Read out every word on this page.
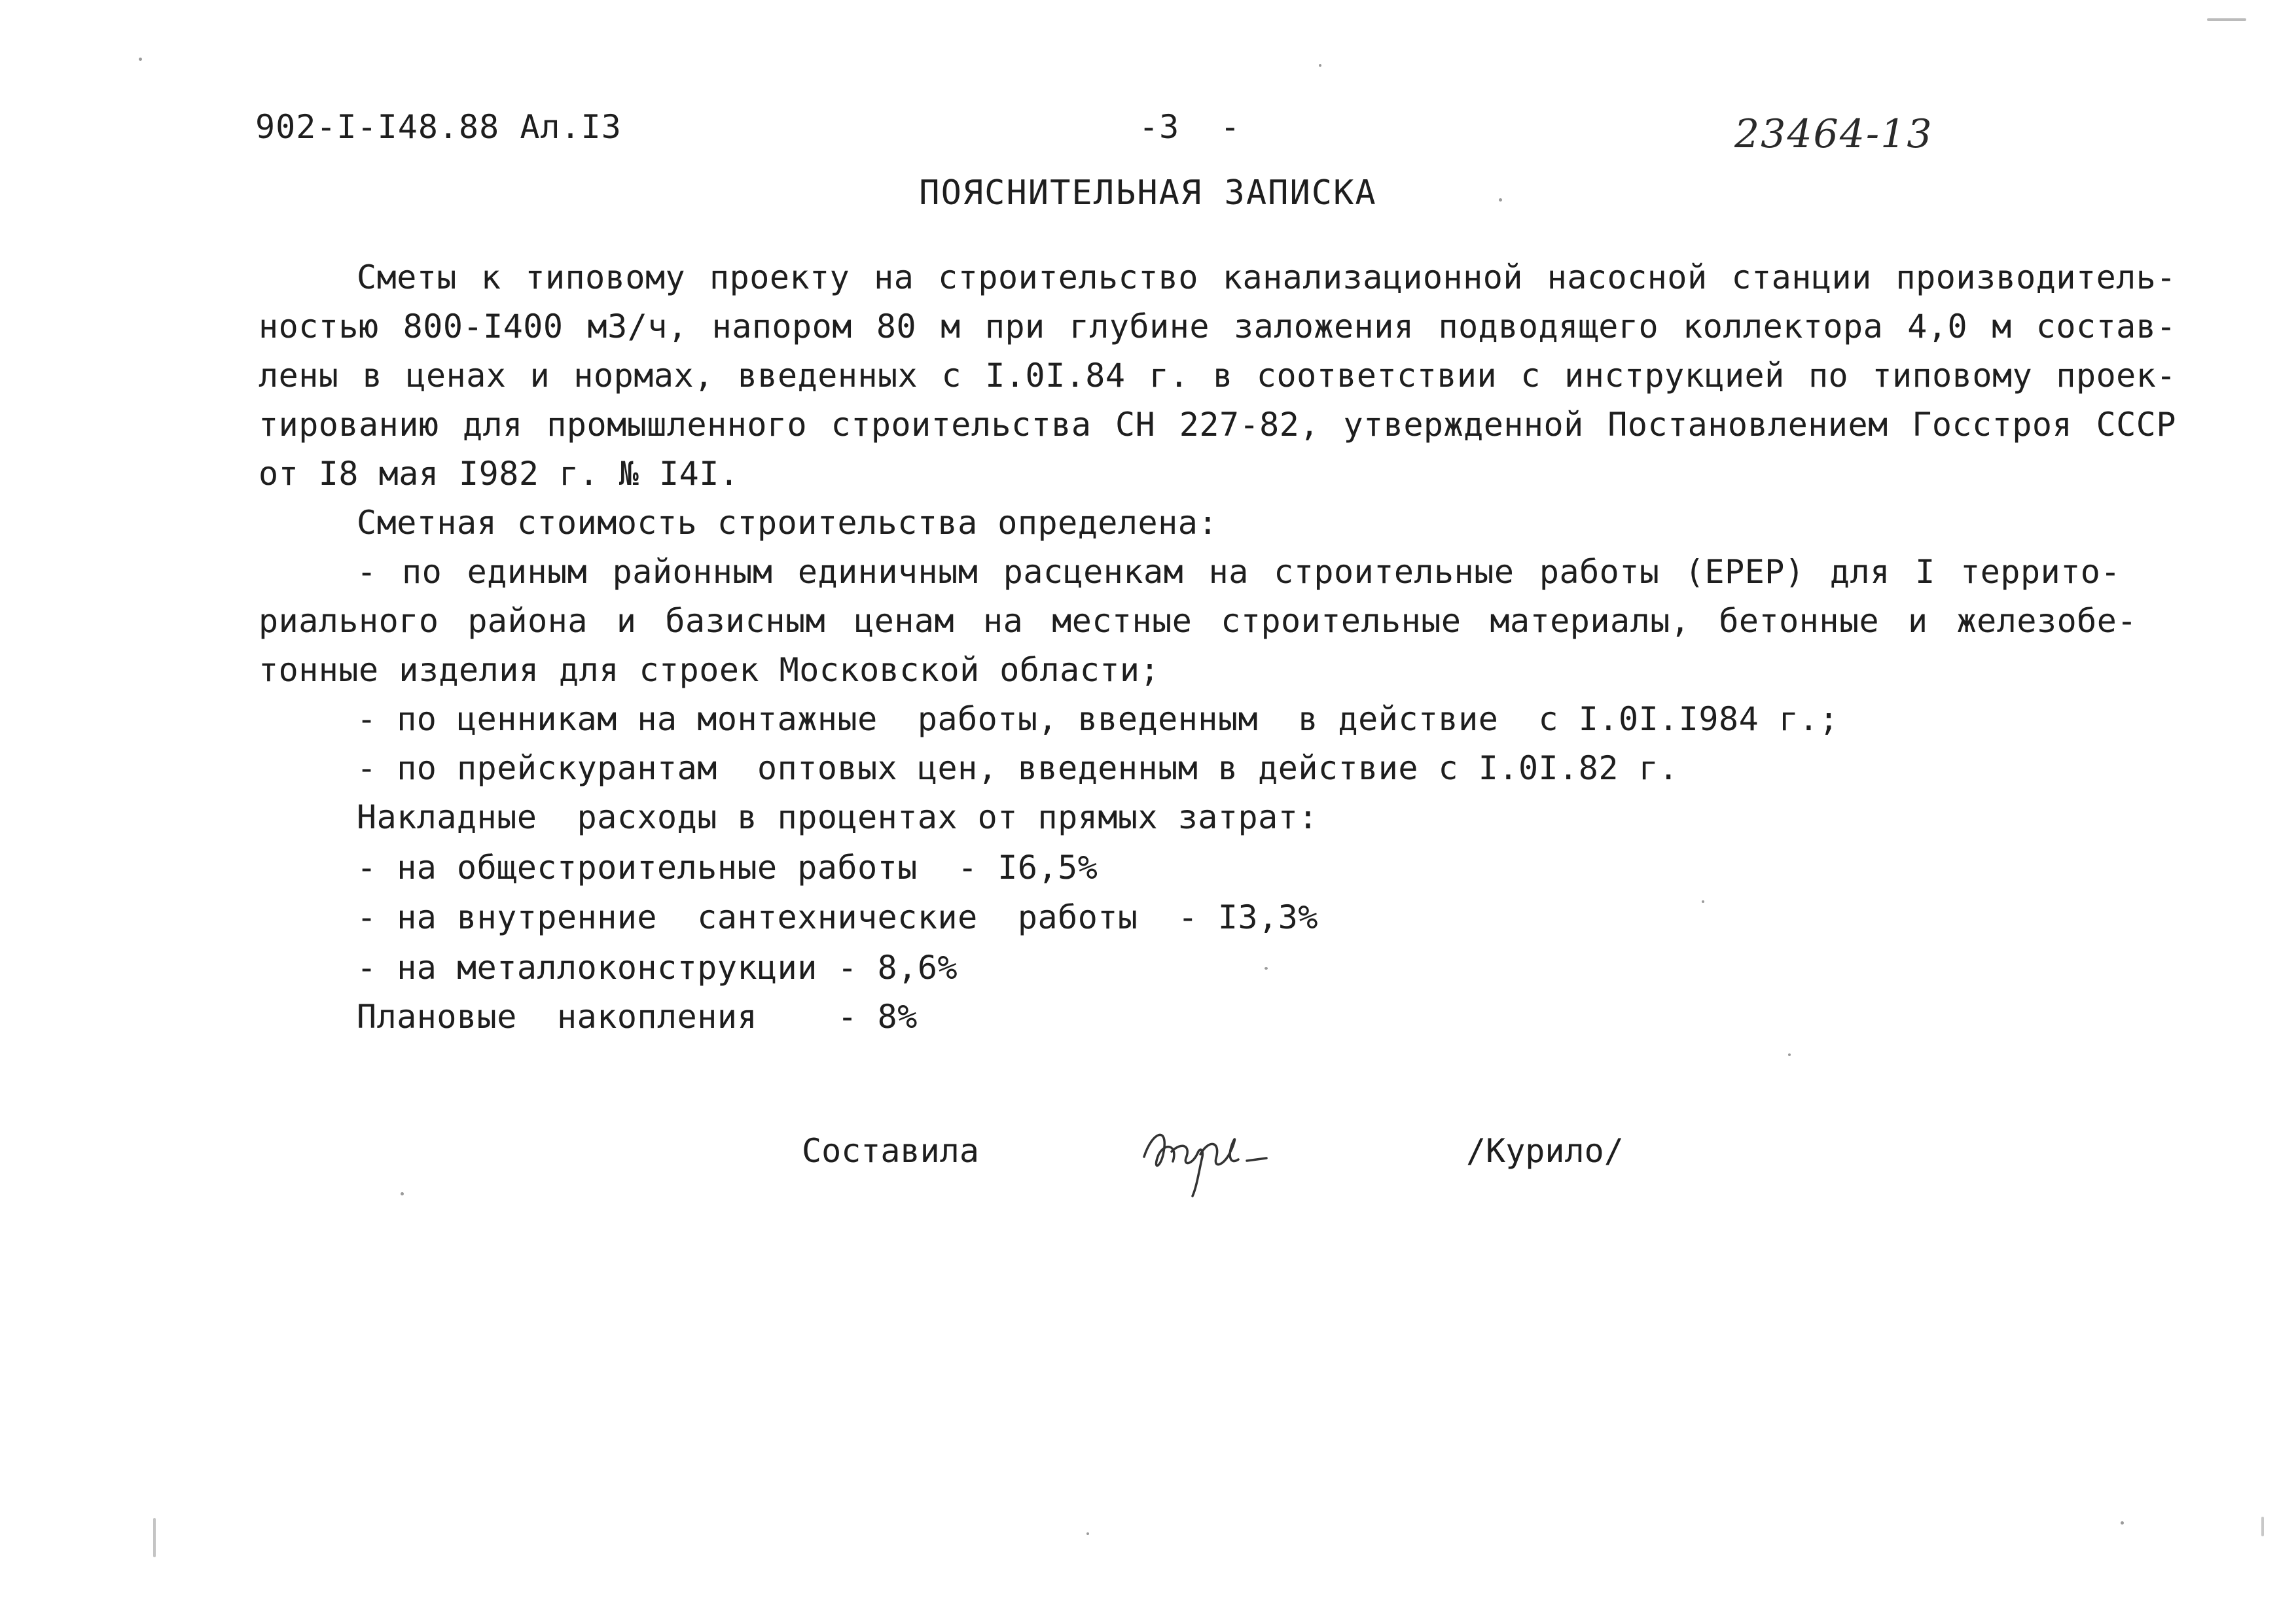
902-I-I48.88 Ал.I3	-3  -	23464-13
ПОЯСНИТЕЛЬНАЯ ЗАПИСКА
Сметы к типовому проекту на строительство канализационной насосной станции производитель-
ностью 800-I400 м3/ч, напором 80 м при глубине заложения подводящего коллектора 4,0 м состав-
лены в ценах и нормах, введенных с I.0I.84 г. в соответствии с инструкцией по типовому проек-
тированию для промышленного строительства СН 227-82, утвержденной Постановлением Госстроя СССР
от I8 мая I982 г. № I4I.
Сметная стоимость строительства определена:
- по единым районным единичным расценкам на строительные работы (ЕРЕР) для I террито-
риального района и базисным ценам на местные строительные материалы, бетонные и железобе-
тонные изделия для строек Московской области;
- по ценникам на монтажные  работы, введенным  в действие  с I.0I.I984 г.;
- по прейскурантам  оптовых цен, введенным в действие с I.0I.82 г.
Накладные  расходы в процентах от прямых затрат:
- на общестроительные работы  - I6,5%
- на внутренние  сантехнические  работы  - I3,3%
- на металлоконструкции - 8,6%
Плановые  накопления    - 8%
Составила	/Курило/
